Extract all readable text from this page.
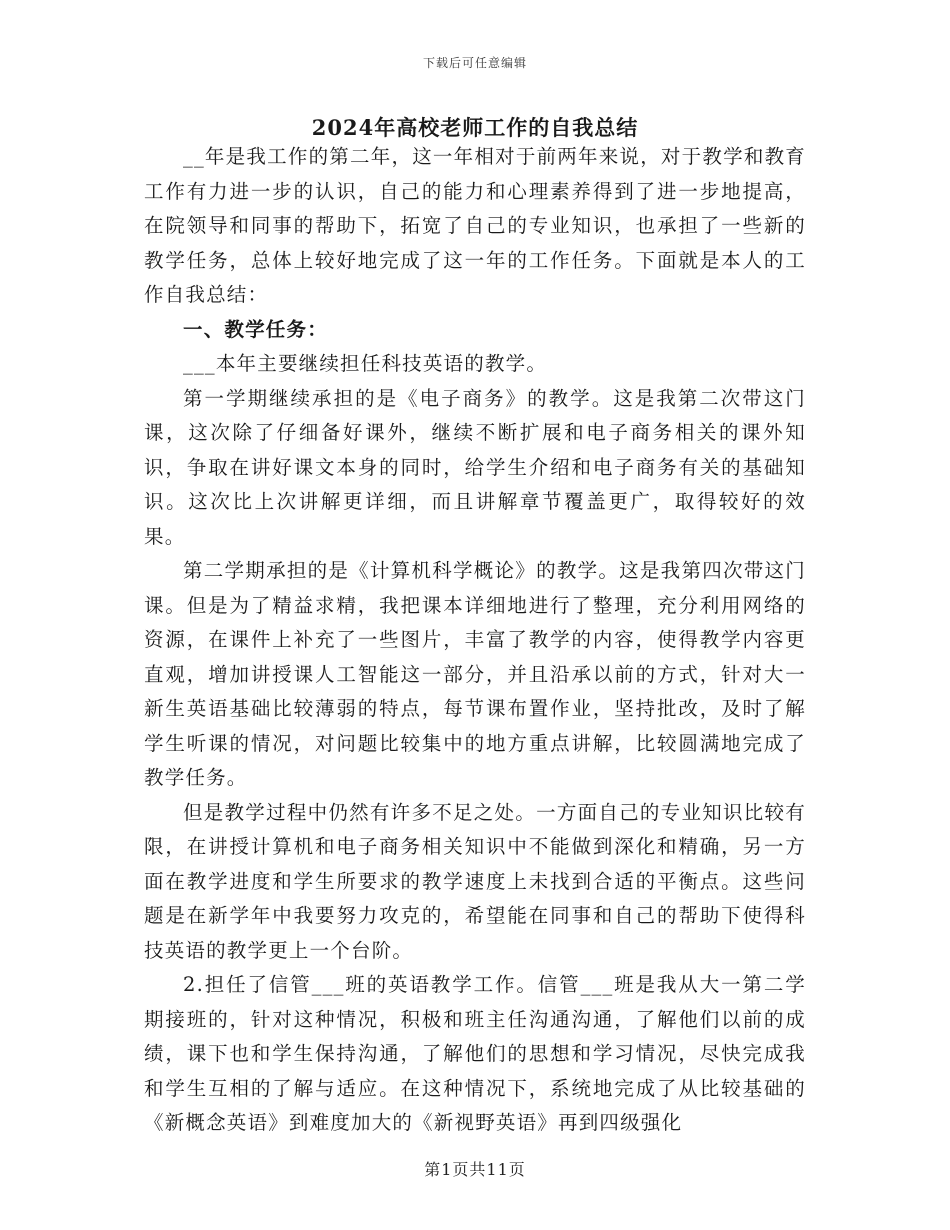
下载后可任意编辑
2024年高校老师工作的自我总结

__年是我工作的第二年，这一年相对于前两年来说，对于教学和教育工作有力进一步的认识，自己的能力和心理素养得到了进一步地提高，在院领导和同事的帮助下，拓宽了自己的专业知识，也承担了一些新的教学任务，总体上较好地完成了这一年的工作任务。下面就是本人的工作自我总结：

一、教学任务：

___本年主要继续担任科技英语的教学。

第一学期继续承担的是《电子商务》的教学。这是我第二次带这门课，这次除了仔细备好课外，继续不断扩展和电子商务相关的课外知识，争取在讲好课文本身的同时，给学生介绍和电子商务有关的基础知识。这次比上次讲解更详细，而且讲解章节覆盖更广，取得较好的效果。

第二学期承担的是《计算机科学概论》的教学。这是我第四次带这门课。但是为了精益求精，我把课本详细地进行了整理，充分利用网络的资源，在课件上补充了一些图片，丰富了教学的内容，使得教学内容更直观，增加讲授课人工智能这一部分，并且沿承以前的方式，针对大一新生英语基础比较薄弱的特点，每节课布置作业，坚持批改，及时了解学生听课的情况，对问题比较集中的地方重点讲解，比较圆满地完成了教学任务。

但是教学过程中仍然有许多不足之处。一方面自己的专业知识比较有限，在讲授计算机和电子商务相关知识中不能做到深化和精确，另一方面在教学进度和学生所要求的教学速度上未找到合适的平衡点。这些问题是在新学年中我要努力攻克的，希望能在同事和自己的帮助下使得科技英语的教学更上一个台阶。

2.担任了信管___班的英语教学工作。信管___班是我从大一第二学期接班的，针对这种情况，积极和班主任沟通沟通，了解他们以前的成绩，课下也和学生保持沟通，了解他们的思想和学习情况，尽快完成我和学生互相的了解与适应。在这种情况下，系统地完成了从比较基础的《新概念英语》到难度加大的《新视野英语》再到四级强化

第1页共11页
